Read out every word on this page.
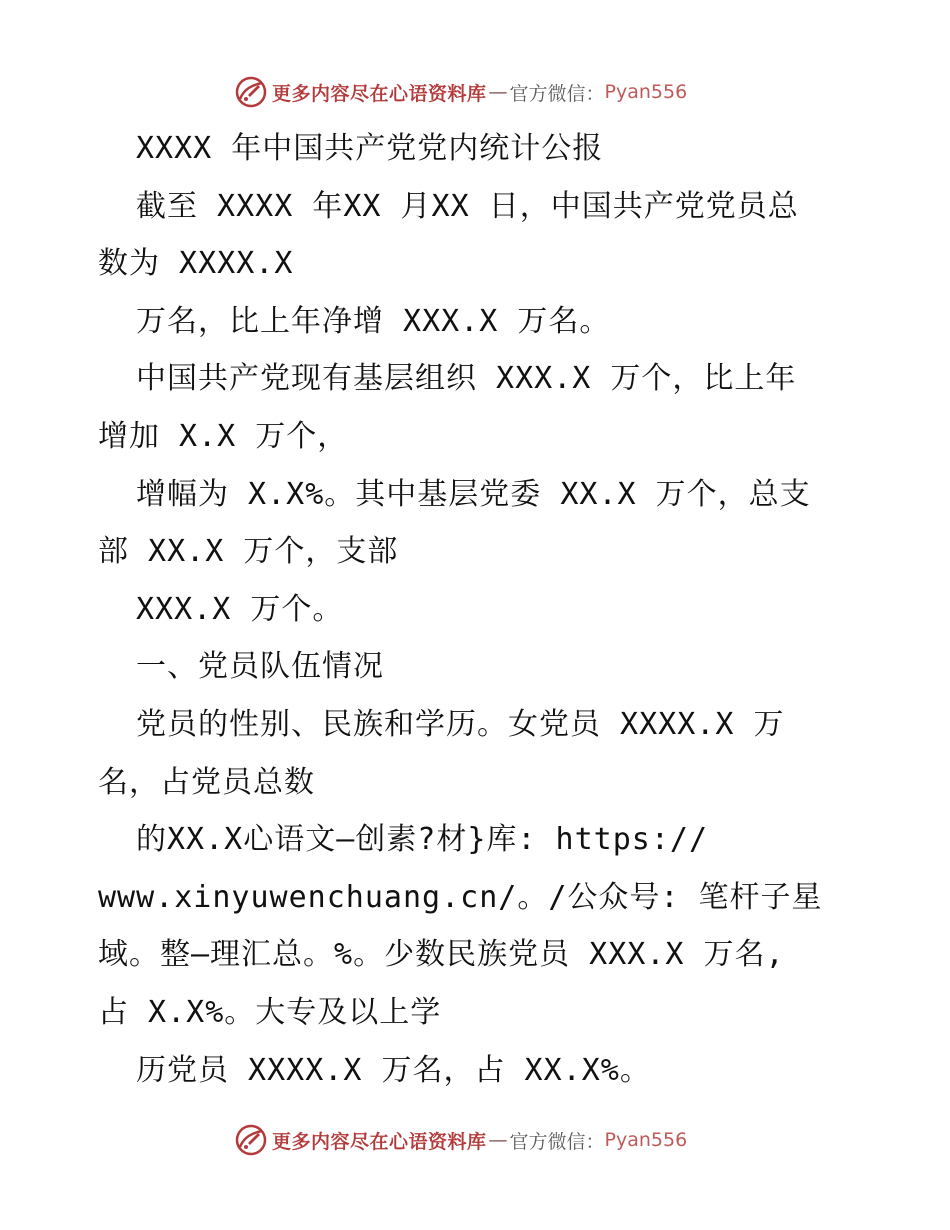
更多内容尽在心语资料库 — 官方微信： Pyan556
XXXX 年中国共产党党内统计公报
截至 XXXX 年XX 月XX 日，中国共产党党员总
数为 XXXX.X
万名，比上年净增 XXX.X 万名。
中国共产党现有基层组织 XXX.X 万个，比上年
增加 X.X 万个，
增幅为 X.X%。其中基层党委 XX.X 万个，总支
部 XX.X 万个，支部
XXX.X 万个。
一、党员队伍情况
党员的性别、民族和学历。女党员 XXXX.X 万
名，占党员总数
的XX.X心语文—创素?材}库: https://
www.xinyuwenchuang.cn/。/公众号: 笔杆子星
域。整—理汇总。%。少数民族党员 XXX.X 万名,
占 X.X%。大专及以上学
历党员 XXXX.X 万名，占 XX.X%。
更多内容尽在心语资料库 — 官方微信： Pyan556
